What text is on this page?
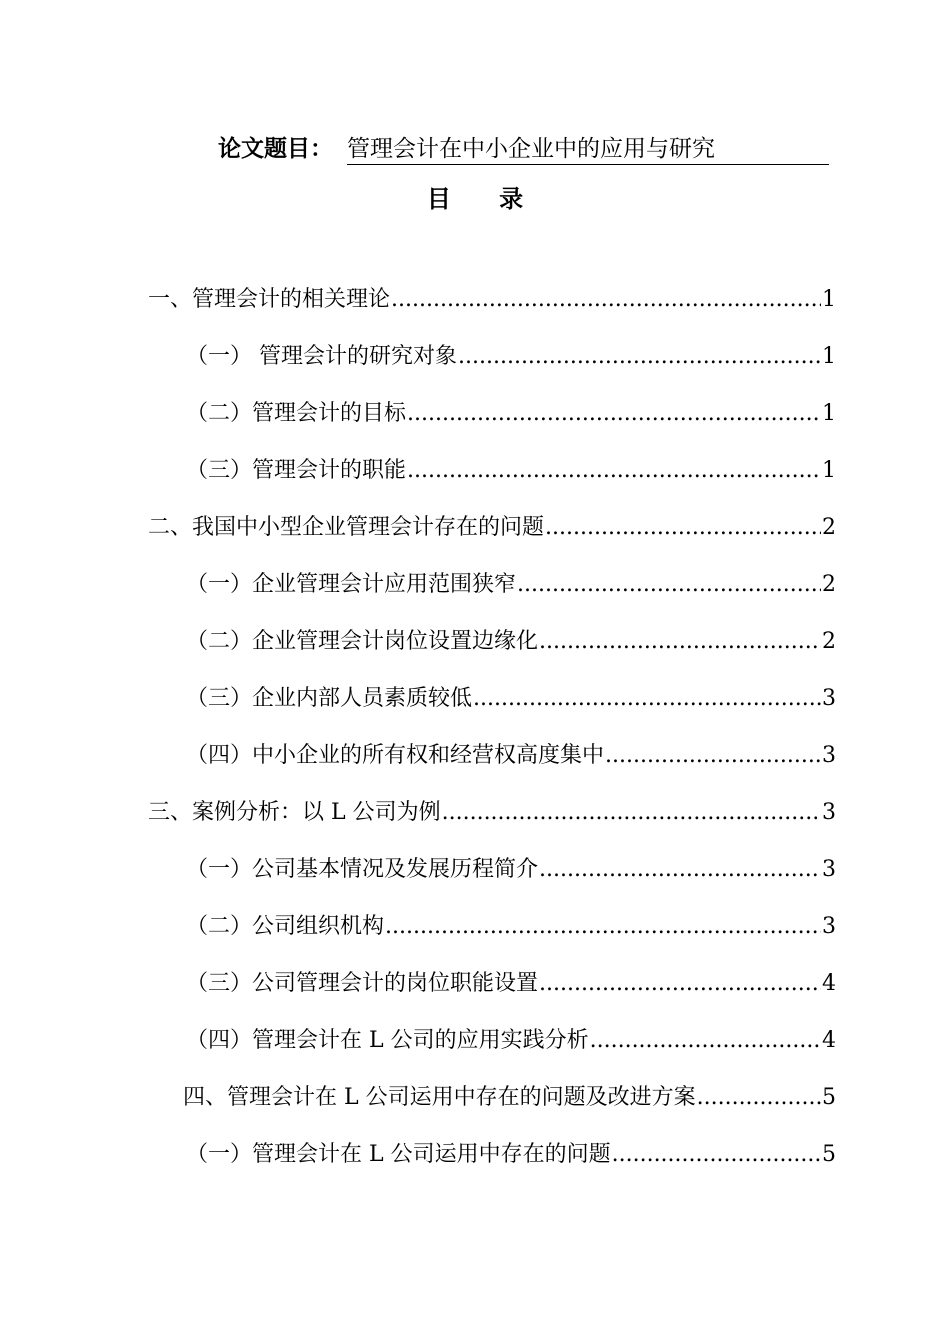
论文题目： 管理会计在中小企业中的应用与研究
目 录
一、管理会计的相关理论 .....	1
（一） 管理会计的研究对象 .....	1
（二）管理会计的目标 .....	1
（三）管理会计的职能 .....	1
二、我国中小型企业管理会计存在的问题 .....	2
（一）企业管理会计应用范围狭窄 .....	2
（二）企业管理会计岗位设置边缘化 .....	2
（三）企业内部人员素质较低 .....	3
（四）中小企业的所有权和经营权高度集中 .....	3
三、案例分析：以 L 公司为例 .....	3
（一）公司基本情况及发展历程简介 .....	3
（二）公司组织机构 .....	3
（三）公司管理会计的岗位职能设置 .....	4
（四）管理会计在 L 公司的应用实践分析 .....	4
四、管理会计在 L 公司运用中存在的问题及改进方案 .....	5
（一）管理会计在 L 公司运用中存在的问题 .....	5
